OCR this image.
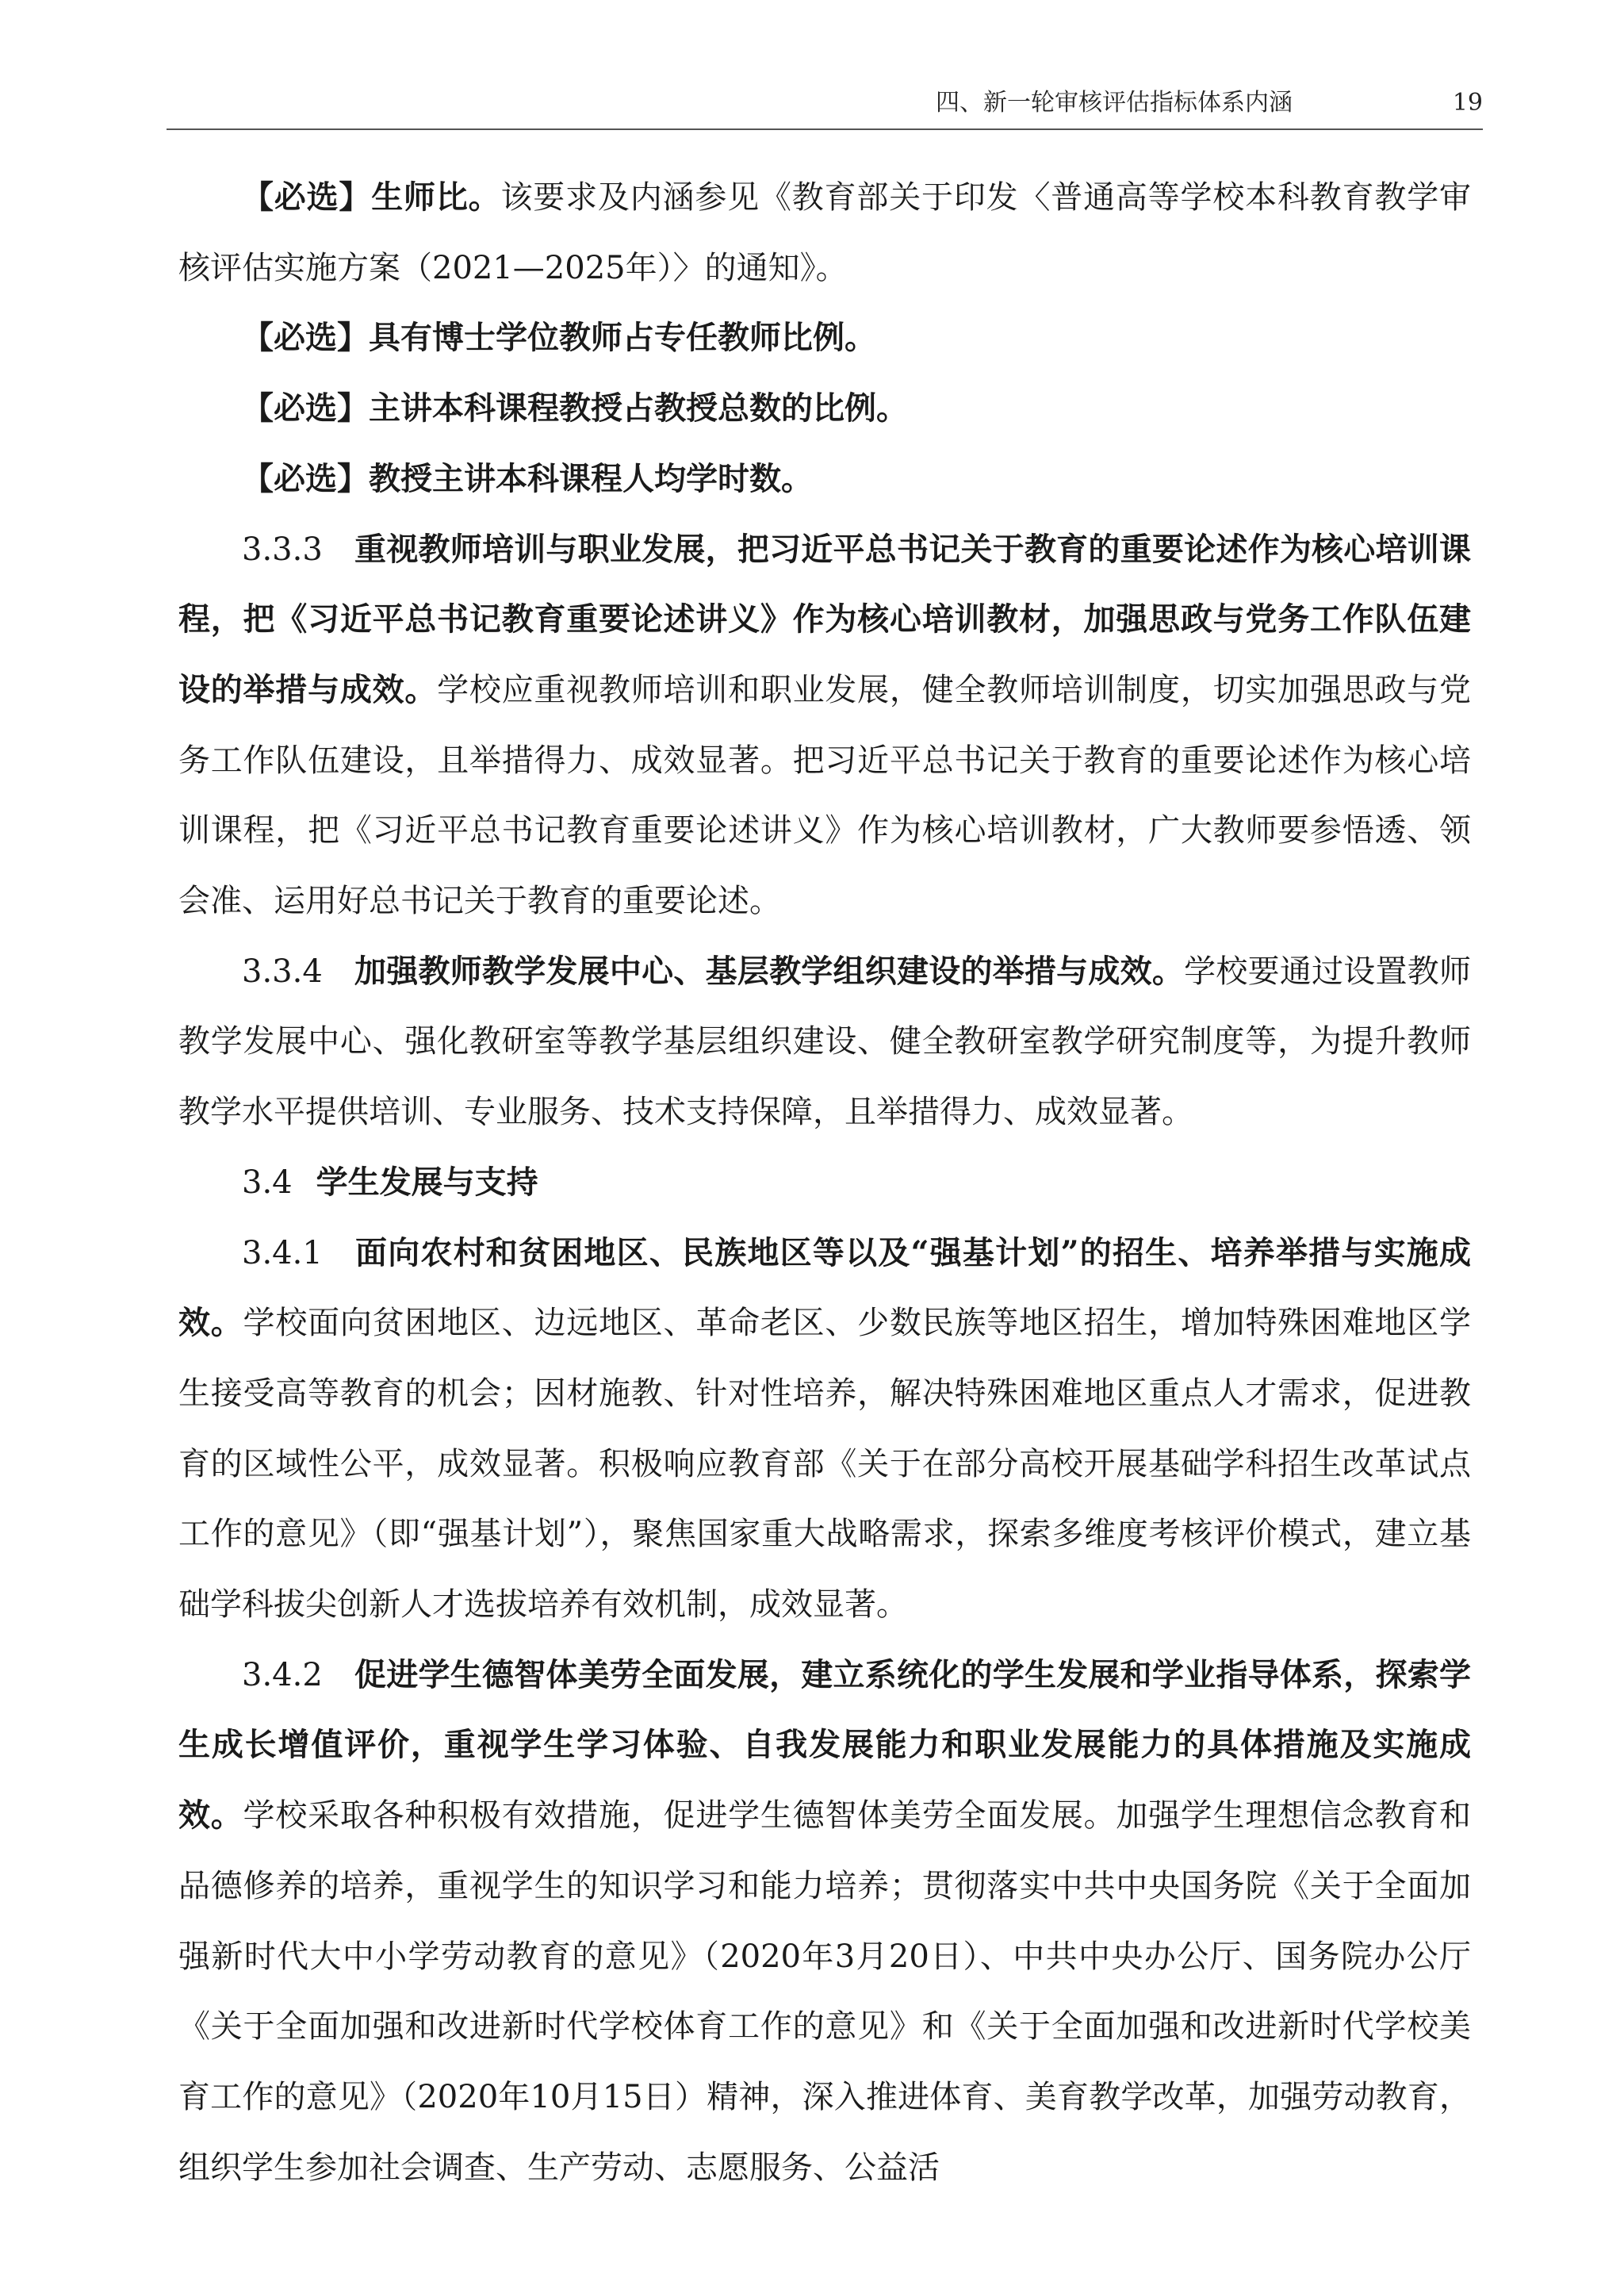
四、新一轮审核评估指标体系内涵	19

【必选】生师比。该要求及内涵参见《教育部关于印发〈普通高等学校本科教育教学审核评估实施方案（2021—2025年）〉的通知》。

【必选】具有博士学位教师占专任教师比例。

【必选】主讲本科课程教授占教授总数的比例。

【必选】教授主讲本科课程人均学时数。

3.3.3 重视教师培训与职业发展，把习近平总书记关于教育的重要论述作为核心培训课程，把《习近平总书记教育重要论述讲义》作为核心培训教材，加强思政与党务工作队伍建设的举措与成效。学校应重视教师培训和职业发展，健全教师培训制度，切实加强思政与党务工作队伍建设，且举措得力、成效显著。把习近平总书记关于教育的重要论述作为核心培训课程，把《习近平总书记教育重要论述讲义》作为核心培训教材，广大教师要参悟透、领会准、运用好总书记关于教育的重要论述。

3.3.4 加强教师教学发展中心、基层教学组织建设的举措与成效。学校要通过设置教师教学发展中心、强化教研室等教学基层组织建设、健全教研室教学研究制度等，为提升教师教学水平提供培训、专业服务、技术支持保障，且举措得力、成效显著。

3.4 学生发展与支持

3.4.1 面向农村和贫困地区、民族地区等以及“强基计划”的招生、培养举措与实施成效。学校面向贫困地区、边远地区、革命老区、少数民族等地区招生，增加特殊困难地区学生接受高等教育的机会；因材施教、针对性培养，解决特殊困难地区重点人才需求，促进教育的区域性公平，成效显著。积极响应教育部《关于在部分高校开展基础学科招生改革试点工作的意见》（即“强基计划”），聚焦国家重大战略需求，探索多维度考核评价模式，建立基础学科拔尖创新人才选拔培养有效机制，成效显著。

3.4.2 促进学生德智体美劳全面发展，建立系统化的学生发展和学业指导体系，探索学生成长增值评价，重视学生学习体验、自我发展能力和职业发展能力的具体措施及实施成效。学校采取各种积极有效措施，促进学生德智体美劳全面发展。加强学生理想信念教育和品德修养的培养，重视学生的知识学习和能力培养；贯彻落实中共中央国务院《关于全面加强新时代大中小学劳动教育的意见》（2020年3月20日）、中共中央办公厅、国务院办公厅《关于全面加强和改进新时代学校体育工作的意见》和《关于全面加强和改进新时代学校美育工作的意见》（2020年10月15日）精神，深入推进体育、美育教学改革，加强劳动教育，组织学生参加社会调查、生产劳动、志愿服务、公益活
